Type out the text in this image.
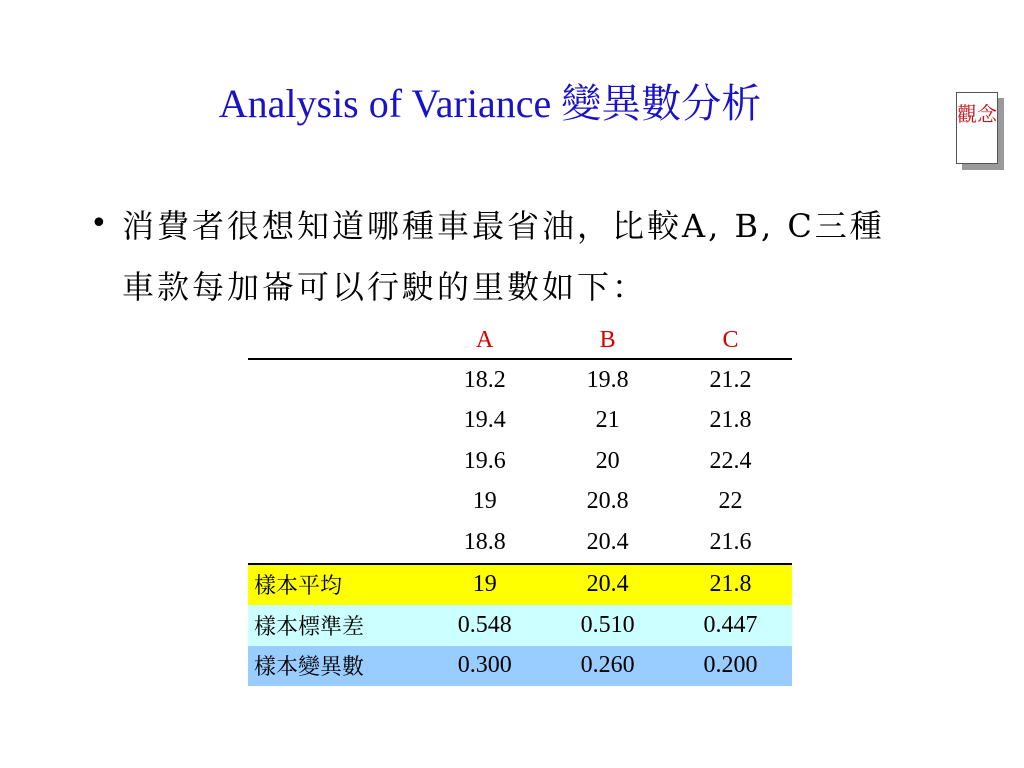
Analysis of Variance 變異數分析	觀念
• 消費者很想知道哪種車最省油，比較A, B, C三種車款每加崙可以行駛的里數如下：
	A	B	C
	18.2	19.8	21.2
	19.4	21	21.8
	19.6	20	22.4
	19	20.8	22
	18.8	20.4	21.6
樣本平均	19	20.4	21.8
樣本標準差	0.548	0.510	0.447
樣本變異數	0.300	0.260	0.200
